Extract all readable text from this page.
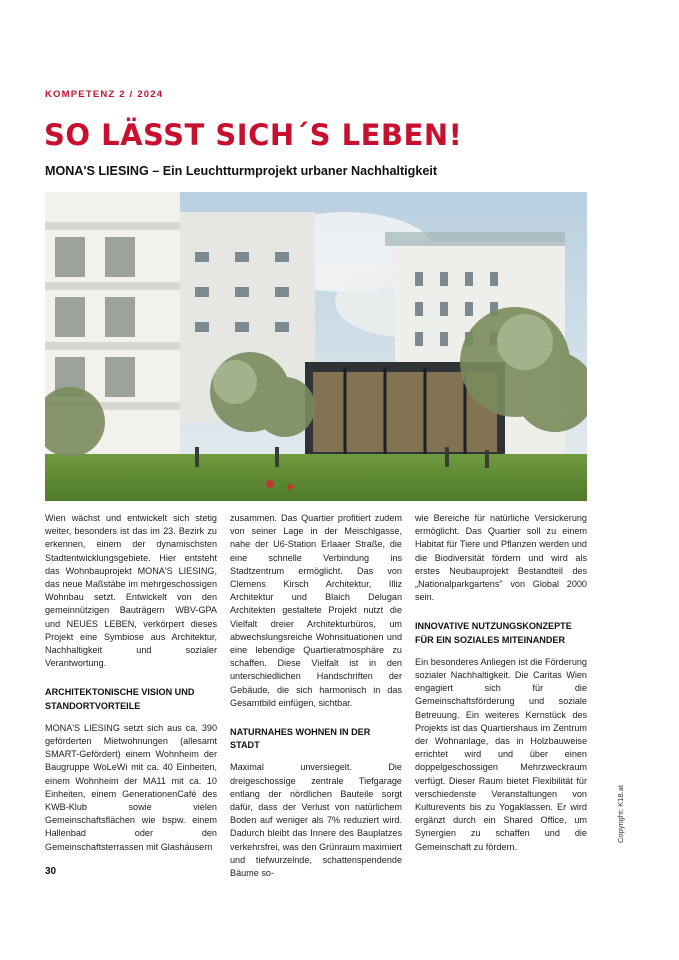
KOMPETENZ 2 / 2024
SO LÄSST SICH´S LEBEN!
MONA'S LIESING – Ein Leuchtturmprojekt urbaner Nachhaltigkeit

Wien wächst und entwickelt sich stetig weiter, besonders ist das im 23. Bezirk zu erkennen, einem der dynamischsten Stadtentwicklungsgebiete. Hier entsteht das Wohnbauprojekt MONA'S LIESING, das neue Maßstäbe im mehrgeschossigen Wohnbau setzt. Entwickelt von den gemeinnützigen Bauträgern WBV-GPA und NEUES LEBEN, verkörpert dieses Projekt eine Symbiose aus Architektur, Nachhaltigkeit und sozialer Verantwortung.

ARCHITEKTONISCHE VISION UND STANDORTVORTEILE

MONA'S LIESING setzt sich aus ca. 390 geförderten Mietwohnungen (allesamt SMART-Gefördert) einem Wohnheim der Baugruppe WoLeWi mit ca. 40 Einheiten, einem Wohnheim der MA11 mit ca. 10 Einheiten, einem GenerationenCafé des KWB-Klub sowie vielen Gemeinschaftsflächen wie bspw. einem Hallenbad oder den Gemeinschaftsterrassen mit Glashäusern

zusammen. Das Quartier profitiert zudem von seiner Lage in der Meischlgasse, nahe der U6-Station Erlaaer Straße, die eine schnelle Verbindung ins Stadtzentrum ermöglicht. Das von Clemens Kirsch Architektur, Illiz Architektur und Blaich Delugan Architekten gestaltete Projekt nutzt die Vielfalt dreier Architekturbüros, um abwechslungsreiche Wohnsituationen und eine lebendige Quartieratmosphäre zu schaffen. Diese Vielfalt ist in den unterschiedlichen Handschriften der Gebäude, die sich harmonisch in das Gesamtbild einfügen, sichtbar.

NATURNAHES WOHNEN IN DER STADT

Maximal unversiegelt. Die dreigeschossige zentrale Tiefgarage entlang der nördlichen Bauteile sorgt dafür, dass der Verlust von natürlichem Boden auf weniger als 7% reduziert wird. Dadurch bleibt das Innere des Bauplatzes verkehrsfrei, was den Grünraum maximiert und tiefwurzelnde, schattenspendende Bäume so-

wie Bereiche für natürliche Versickerung ermöglicht. Das Quartier soll zu einem Habitat für Tiere und Pflanzen werden und die Biodiversität fördern und wird als erstes Neubauprojekt Bestandteil des „Nationalparkgartens" von Global 2000 sein.

INNOVATIVE NUTZUNGSKONZEPTE FÜR EIN SOZIALES MITEINANDER

Ein besonderes Anliegen ist die Förderung sozialer Nachhaltigkeit. Die Caritas Wien engagiert sich für die Gemeinschaftsförderung und soziale Betreuung. Ein weiteres Kernstück des Projekts ist das Quartiershaus im Zentrum der Wohnanlage, das in Holzbauweise errichtet wird und über einen doppelgeschossigen Mehrzweckraum verfügt. Dieser Raum bietet Flexibilität für verschiedenste Veranstaltungen von Kulturevents bis zu Yogaklassen. Er wird ergänzt durch ein Shared Office, um Synergien zu schaffen und die Gemeinschaft zu fördern.

30
Copyright: K18.at
